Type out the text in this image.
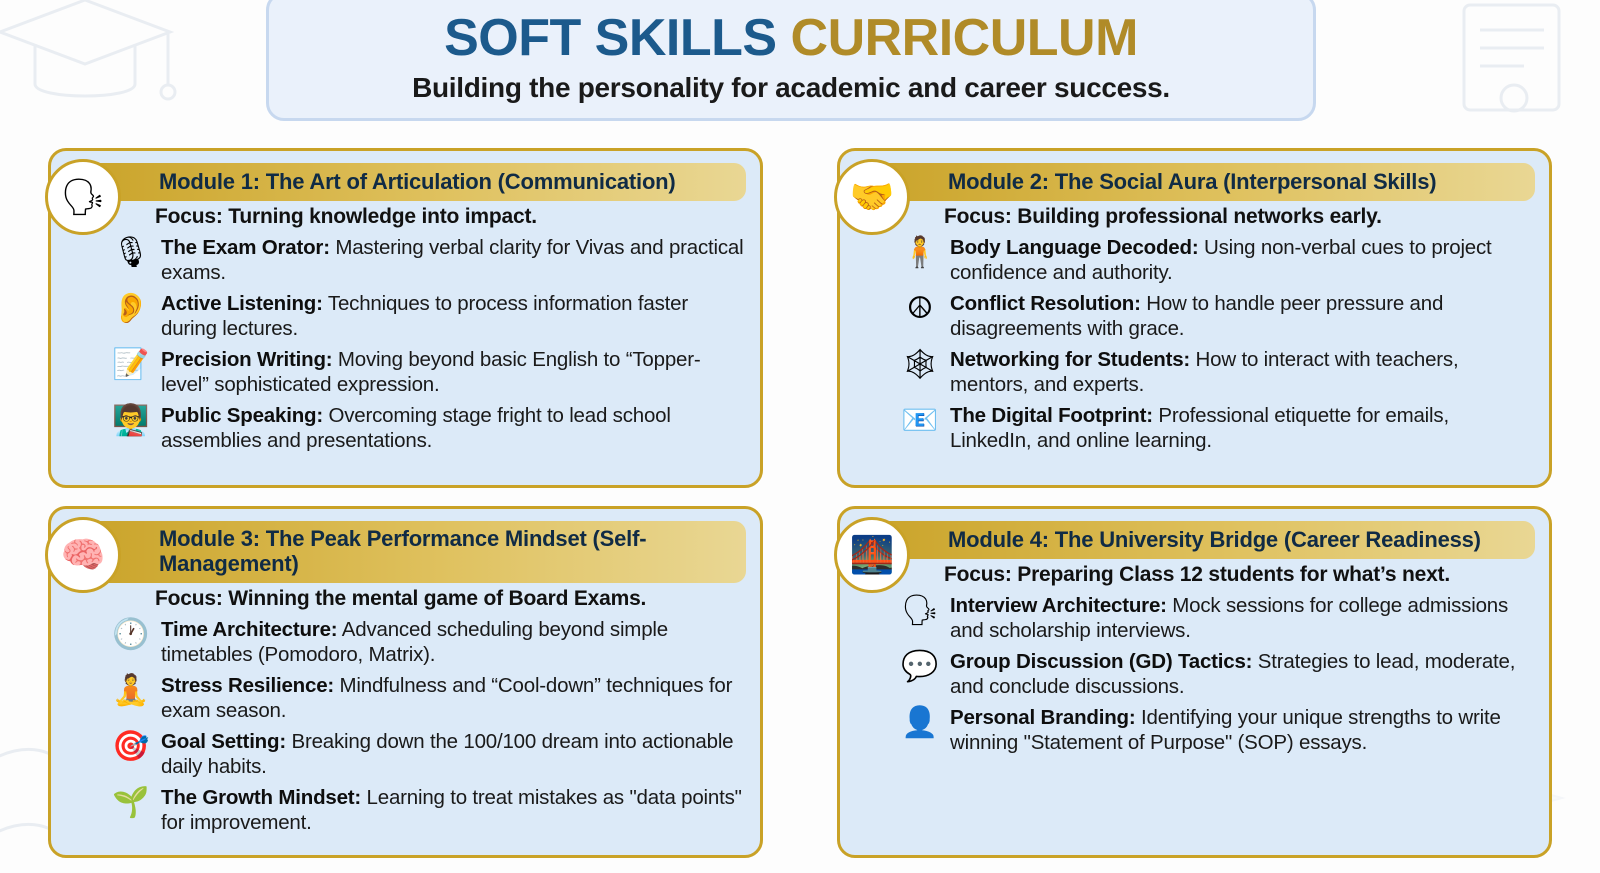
SOFT SKILLS CURRICULUM

Building the personality for academic and career success.

🗣 Module 1: The Art of Articulation (Communication)
Focus: Turning knowledge into impact.
🎙 The Exam Orator: Mastering verbal clarity for Vivas and practical exams.
👂 Active Listening: Techniques to process information faster during lectures.
📝 Precision Writing: Moving beyond basic English to “Topper-level” sophisticated expression.
👨‍🏫 Public Speaking: Overcoming stage fright to lead school assemblies and presentations.
🤝 Module 2: The Social Aura (Interpersonal Skills)
Focus: Building professional networks early.
🧍 Body Language Decoded: Using non-verbal cues to project confidence and authority.
☮ Conflict Resolution: How to handle peer pressure and disagreements with grace.
🕸 Networking for Students: How to interact with teachers, mentors, and experts.
📧 The Digital Footprint: Professional etiquette for emails, LinkedIn, and online learning.
🧠 Module 3: The Peak Performance Mindset (Self-Management)
Focus: Winning the mental game of Board Exams.
🕐 Time Architecture: Advanced scheduling beyond simple timetables (Pomodoro, Matrix).
🧘 Stress Resilience: Mindfulness and “Cool-down” techniques for exam season.
🎯 Goal Setting: Breaking down the 100/100 dream into actionable daily habits.
🌱 The Growth Mindset: Learning to treat mistakes as "data points" for improvement.
🌉 Module 4: The University Bridge (Career Readiness)
Focus: Preparing Class 12 students for what’s next.
🗣 Interview Architecture: Mock sessions for college admissions and scholarship interviews.
💬 Group Discussion (GD) Tactics: Strategies to lead, moderate, and conclude discussions.
👤 Personal Branding: Identifying your unique strengths to write winning "Statement of Purpose" (SOP) essays.
